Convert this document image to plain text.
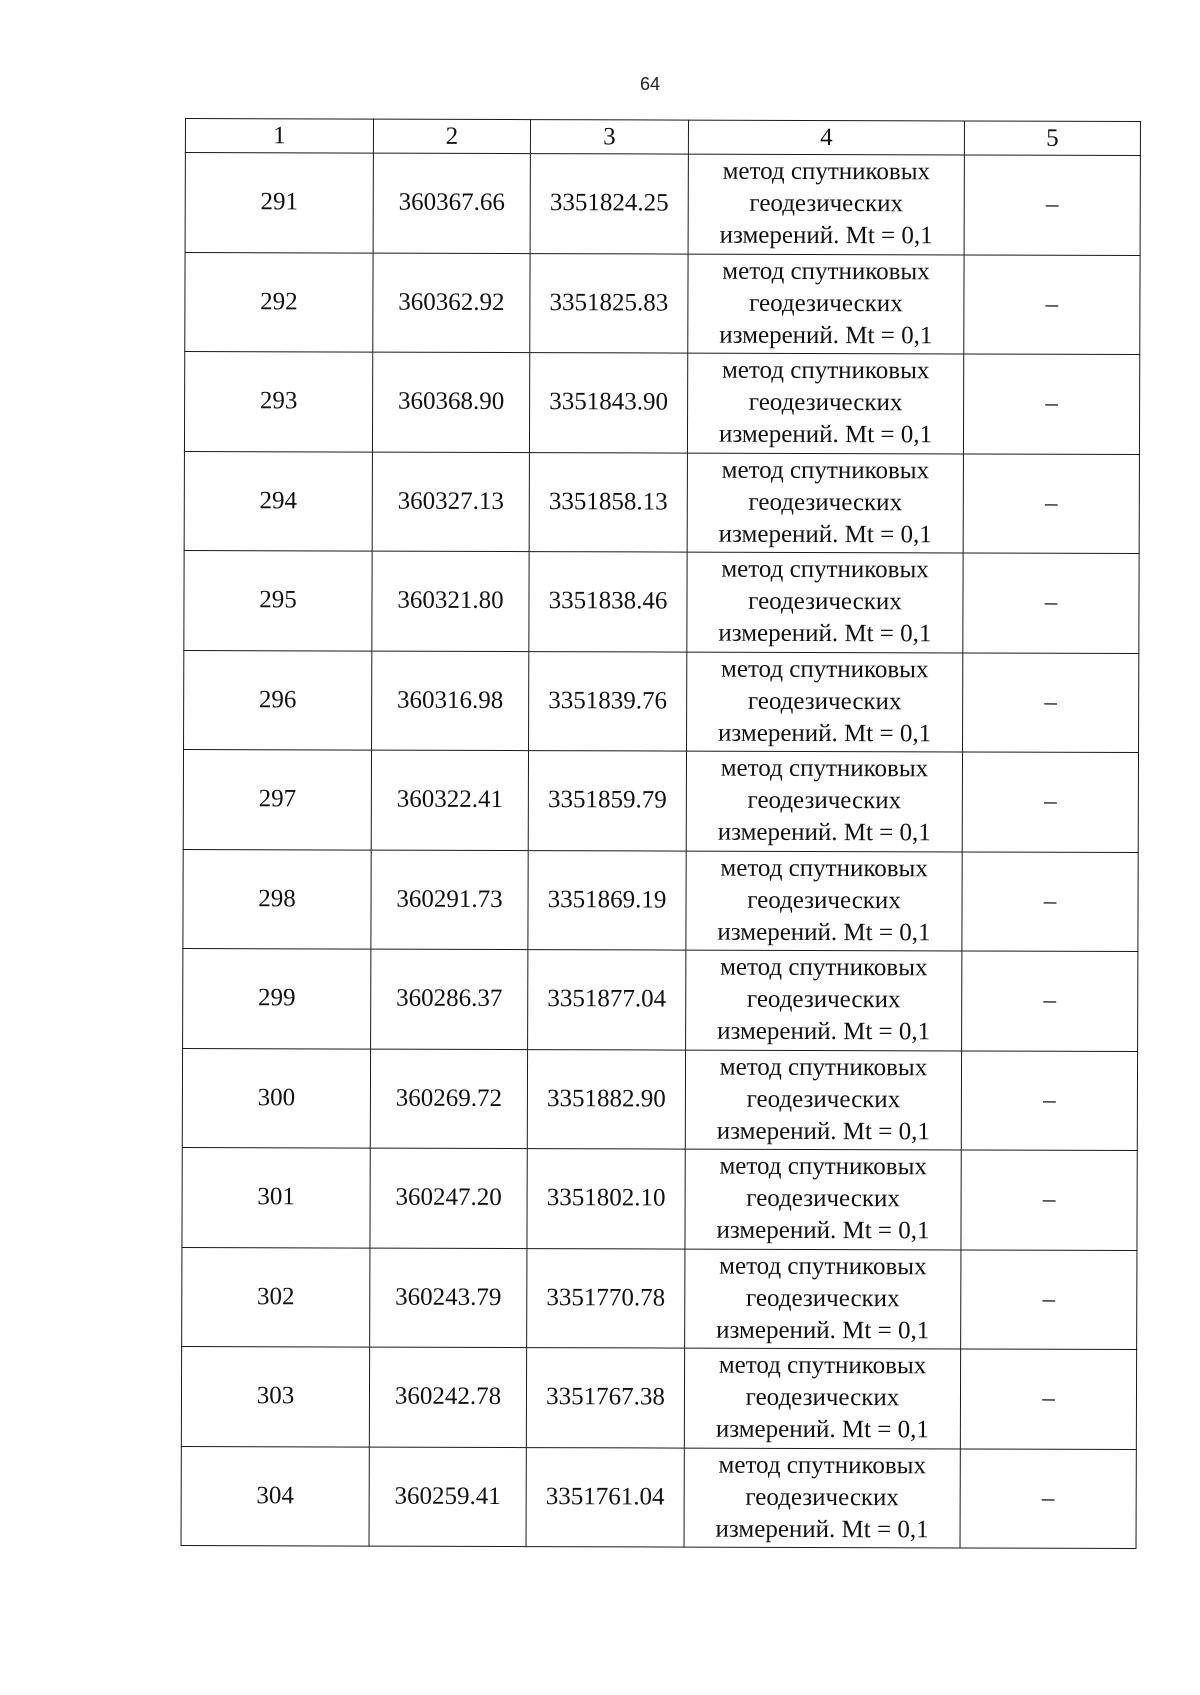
64
1	2	3	4	5
291	360367.66	3351824.25	метод спутниковых
геодезических
измерений. Mt = 0,1	–
292	360362.92	3351825.83	метод спутниковых
геодезических
измерений. Mt = 0,1	–
293	360368.90	3351843.90	метод спутниковых
геодезических
измерений. Mt = 0,1	–
294	360327.13	3351858.13	метод спутниковых
геодезических
измерений. Mt = 0,1	–
295	360321.80	3351838.46	метод спутниковых
геодезических
измерений. Mt = 0,1	–
296	360316.98	3351839.76	метод спутниковых
геодезических
измерений. Mt = 0,1	–
297	360322.41	3351859.79	метод спутниковых
геодезических
измерений. Mt = 0,1	–
298	360291.73	3351869.19	метод спутниковых
геодезических
измерений. Mt = 0,1	–
299	360286.37	3351877.04	метод спутниковых
геодезических
измерений. Mt = 0,1	–
300	360269.72	3351882.90	метод спутниковых
геодезических
измерений. Mt = 0,1	–
301	360247.20	3351802.10	метод спутниковых
геодезических
измерений. Mt = 0,1	–
302	360243.79	3351770.78	метод спутниковых
геодезических
измерений. Mt = 0,1	–
303	360242.78	3351767.38	метод спутниковых
геодезических
измерений. Mt = 0,1	–
304	360259.41	3351761.04	метод спутниковых
геодезических
измерений. Mt = 0,1	–
